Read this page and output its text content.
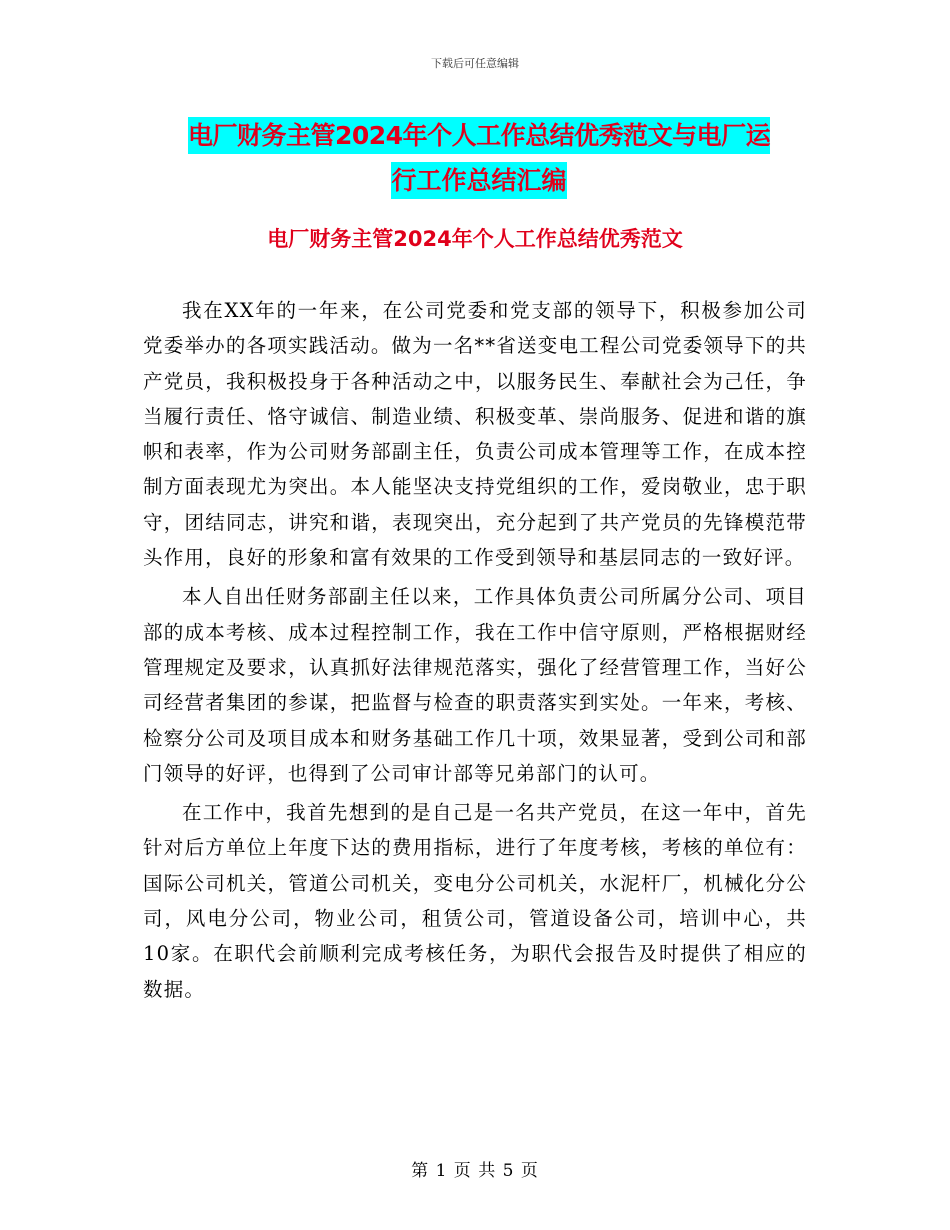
下载后可任意编辑
电厂财务主管2024年个人工作总结优秀范文与电厂运
行工作总结汇编
电厂财务主管2024年个人工作总结优秀范文

我在XX年的一年来，在公司党委和党支部的领导下，积极参加公司党委举办的各项实践活动。做为一名**省送变电工程公司党委领导下的共产党员，我积极投身于各种活动之中，以服务民生、奉献社会为己任，争当履行责任、恪守诚信、制造业绩、积极变革、崇尚服务、促进和谐的旗帜和表率，作为公司财务部副主任，负责公司成本管理等工作，在成本控制方面表现尤为突出。本人能坚决支持党组织的工作，爱岗敬业，忠于职守，团结同志，讲究和谐，表现突出，充分起到了共产党员的先锋模范带头作用，良好的形象和富有效果的工作受到领导和基层同志的一致好评。

本人自出任财务部副主任以来，工作具体负责公司所属分公司、项目部的成本考核、成本过程控制工作，我在工作中信守原则，严格根据财经管理规定及要求，认真抓好法律规范落实，强化了经营管理工作，当好公司经营者集团的参谋，把监督与检查的职责落实到实处。一年来，考核、检察分公司及项目成本和财务基础工作几十项，效果显著，受到公司和部门领导的好评，也得到了公司审计部等兄弟部门的认可。

在工作中，我首先想到的是自己是一名共产党员，在这一年中，首先针对后方单位上年度下达的费用指标，进行了年度考核，考核的单位有：国际公司机关，管道公司机关，变电分公司机关，水泥杆厂，机械化分公司，风电分公司，物业公司，租赁公司，管道设备公司，培训中心，共10家。在职代会前顺利完成考核任务，为职代会报告及时提供了相应的数据。

第 1 页 共 5 页
